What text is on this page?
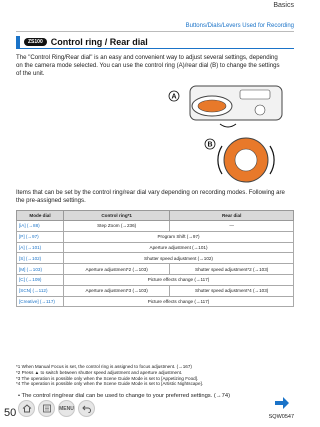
Basics
Buttons/Dials/Levers Used for Recording
ZS100 Control ring / Rear dial
The "Control Ring/Rear dial" is an easy and convenient way to adjust several settings, depending on the camera mode selected. You can use the control ring (A)/rear dial (B) to change the settings of the unit.
A
B
Items that can be set by the control ring/rear dial vary depending on recording modes. Following are the pre-assigned settings.
Mode dial	Control ring*1	Rear dial
[iA] (→88)	Step Zoom (→236)	—
[P] (→97)	Program Shift (→97)	
[A] (→101)	Aperture adjustment (→101)	
[S] (→102)	Shutter speed adjustment (→102)	
[M] (→103)	Aperture adjustment*2 (→103)	Shutter speed adjustment*2 (→103)
[C] (→109)	Picture effects change (→117)	
[SCN] (→112)	Aperture adjustment*3 (→103)	Shutter speed adjustment*4 (→103)
[Creative] (→117)	Picture effects change (→117)	
*1 When Manual Focus is set, the control ring is assigned to focus adjustment. (→167)
*2 Press ▲ to switch between shutter speed adjustment and aperture adjustment.
*3 The operation is possible only when the Scene Guide Mode is set to [Appetizing Food].
*4 The operation is possible only when the Scene Guide Mode is set to [Artistic Nightscape].
• The control ring/rear dial can be used to change to your preferred settings. (→74)
50	MENU
SQW0547
